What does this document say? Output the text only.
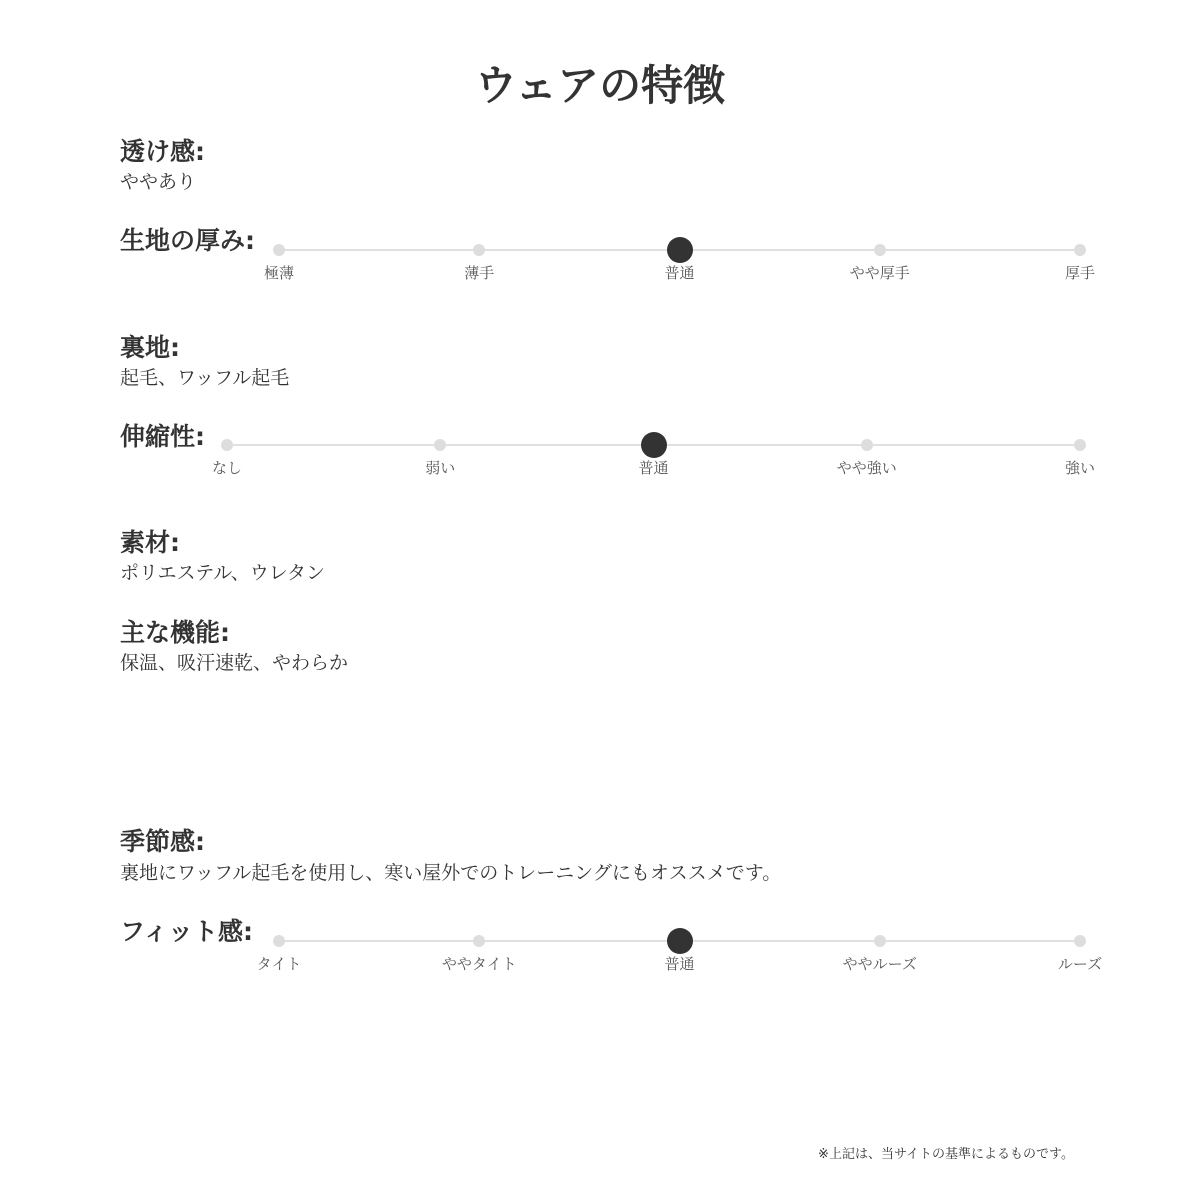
ウェアの特徴
透け感:
ややあり
生地の厚み:
極薄	薄手	普通	やや厚手	厚手
裏地:
起毛、ワッフル起毛
伸縮性:
なし	弱い	普通	やや強い	強い
素材:
ポリエステル、ウレタン
主な機能:
保温、吸汗速乾、やわらか
季節感:
裏地にワッフル起毛を使用し、寒い屋外でのトレーニングにもオススメです。
フィット感:
タイト	ややタイト	普通	ややルーズ	ルーズ
※上記は、当サイトの基準によるものです。
